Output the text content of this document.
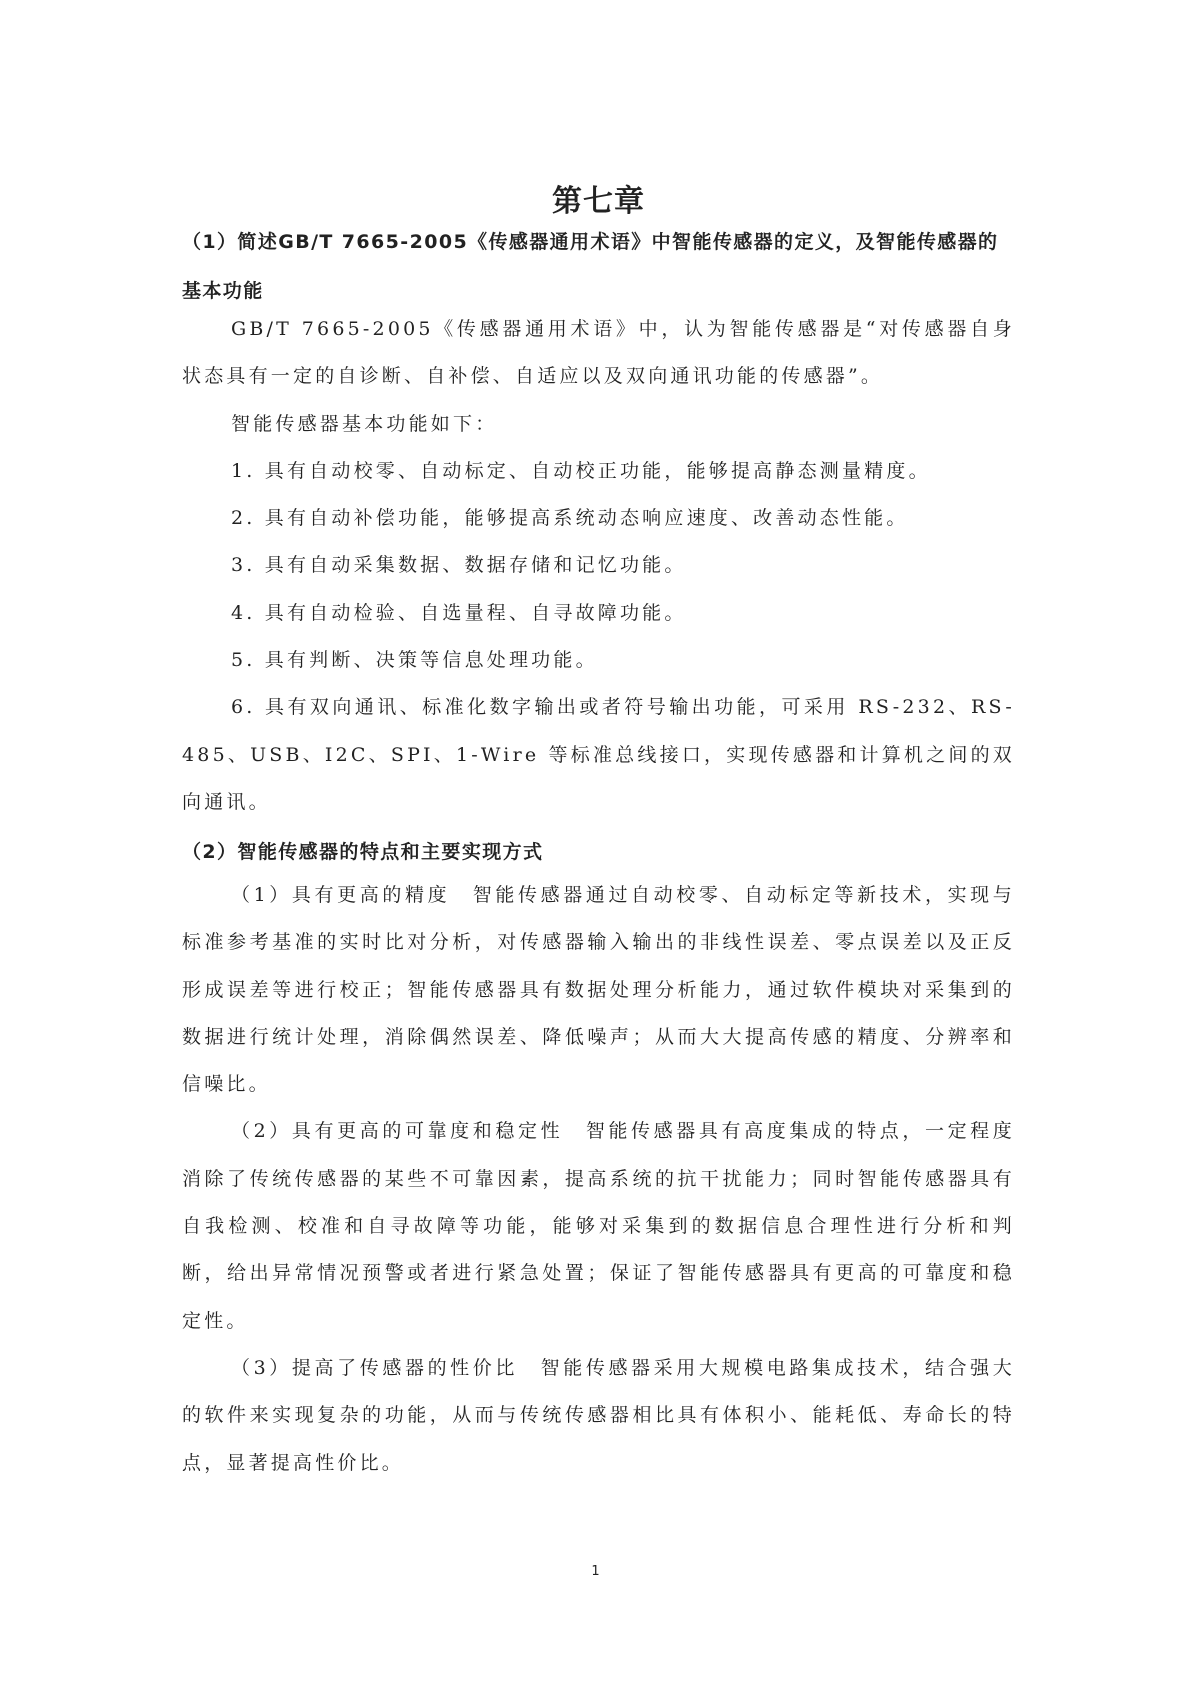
第七章

（1）简述GB/T 7665-2005《传感器通用术语》中智能传感器的定义，及智能传感器的基本功能

GB/T 7665-2005《传感器通用术语》中，认为智能传感器是“对传感器自身状态具有一定的自诊断、自补偿、自适应以及双向通讯功能的传感器”。

智能传感器基本功能如下：

1. 具有自动校零、自动标定、自动校正功能，能够提高静态测量精度。

2. 具有自动补偿功能，能够提高系统动态响应速度、改善动态性能。

3. 具有自动采集数据、数据存储和记忆功能。

4. 具有自动检验、自选量程、自寻故障功能。

5. 具有判断、决策等信息处理功能。

6. 具有双向通讯、标准化数字输出或者符号输出功能，可采用 RS-232、RS-485、USB、I2C、SPI、1-Wire 等标准总线接口，实现传感器和计算机之间的双向通讯。

（2）智能传感器的特点和主要实现方式

（1）具有更高的精度　智能传感器通过自动校零、自动标定等新技术，实现与标准参考基准的实时比对分析，对传感器输入输出的非线性误差、零点误差以及正反形成误差等进行校正；智能传感器具有数据处理分析能力，通过软件模块对采集到的数据进行统计处理，消除偶然误差、降低噪声；从而大大提高传感的精度、分辨率和信噪比。

（2）具有更高的可靠度和稳定性　智能传感器具有高度集成的特点，一定程度消除了传统传感器的某些不可靠因素，提高系统的抗干扰能力；同时智能传感器具有自我检测、校准和自寻故障等功能，能够对采集到的数据信息合理性进行分析和判断，给出异常情况预警或者进行紧急处置；保证了智能传感器具有更高的可靠度和稳定性。

（3）提高了传感器的性价比　智能传感器采用大规模电路集成技术，结合强大的软件来实现复杂的功能，从而与传统传感器相比具有体积小、能耗低、寿命长的特点，显著提高性价比。

1
